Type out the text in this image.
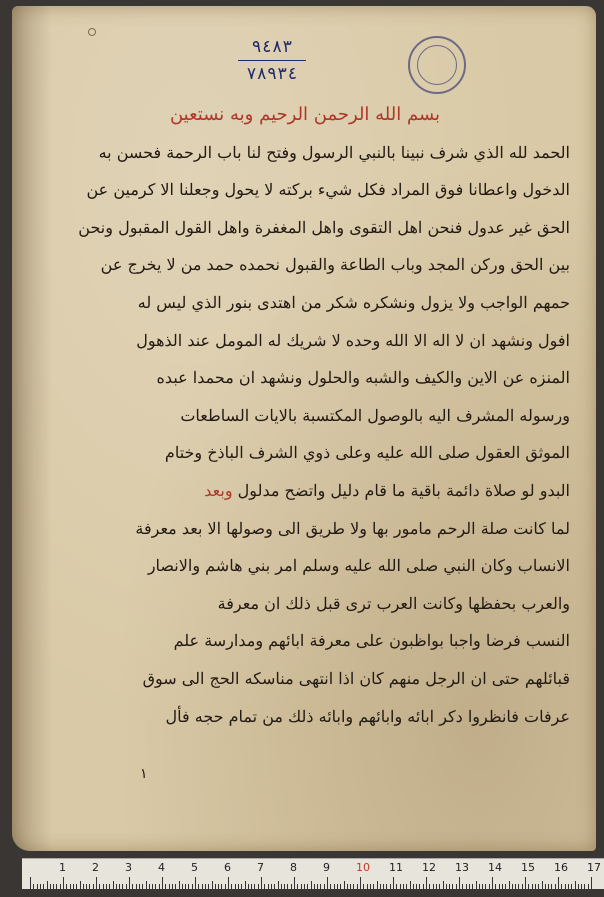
٩٤٨٣
٧٨٩٣٤
بسم الله الرحمن الرحيم وبه نستعين
الحمد لله الذي شرف نبينا بالنبي الرسول وفتح لنا باب الرحمة فحسن به
الدخول واعطانا فوق المراد فكل شيء بركته لا يحول وجعلنا الا كرمين عن
الحق غير عدول فنحن اهل التقوى واهل المغفرة واهل القول المقبول ونحن
بين الحق وركن المجد وباب الطاعة والقبول نحمده حمد من لا يخرج عن
حمهم الواجب ولا يزول ونشكره شكر من اهتدى بنور الذي ليس له
افول ونشهد ان لا اله الا الله وحده لا شريك له المومل عند الذهول
المنزه عن الاين والكيف والشبه والحلول ونشهد ان محمدا عبده
ورسوله المشرف اليه بالوصول المكتسبة بالايات الساطعات
الموثق العقول صلى الله عليه وعلى ذوي الشرف الباذخ وختام
البدو لو صلاة دائمة باقية ما قام دليل واتضح مدلول وبعد
لما كانت صلة الرحم مامور بها ولا طريق الى وصولها الا بعد معرفة
الانساب وكان النبي صلى الله عليه وسلم امر بني هاشم والانصار
والعرب بحفظها وكانت العرب ترى قبل ذلك ان معرفة
النسب فرضا واجبا بواظبون على معرفة ابائهم ومدارسة علم
قبائلهم حتى ان الرجل منهم كان اذا انتهى مناسكه الحج الى سوق
عرفات فانظروا دكر ابائه وابائهم وابائه ذلك من تمام حجه فأل
١
1 2 3 4 5 6 7 8 9 10 11 12 13 14 15 16 17
